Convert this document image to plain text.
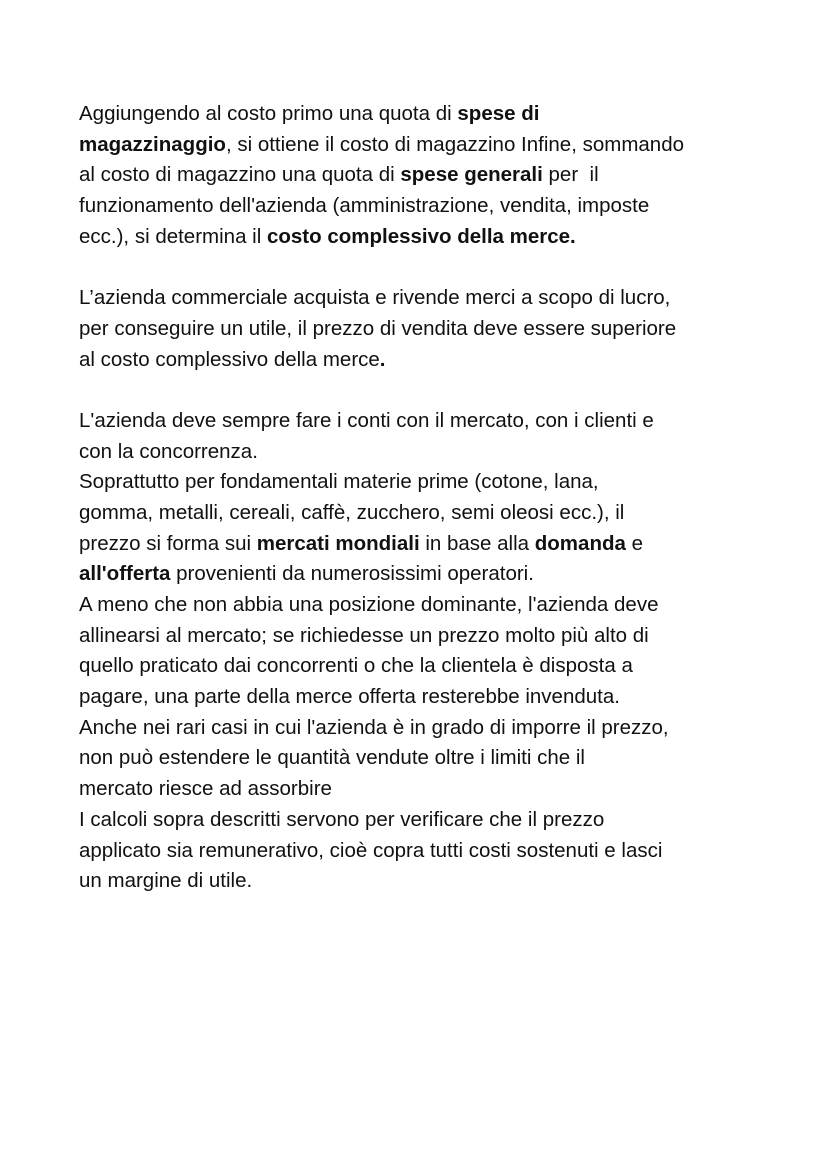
Aggiungendo al costo primo una quota di spese di
magazzinaggio, si ottiene il costo di magazzino Infine, sommando
al costo di magazzino una quota di spese generali per  il
funzionamento dell'azienda (amministrazione, vendita, imposte
ecc.), si determina il costo complessivo della merce.
L’azienda commerciale acquista e rivende merci a scopo di lucro,
per conseguire un utile, il prezzo di vendita deve essere superiore
al costo complessivo della merce.
L'azienda deve sempre fare i conti con il mercato, con i clienti e
con la concorrenza.
Soprattutto per fondamentali materie prime (cotone, lana,
gomma, metalli, cereali, caffè, zucchero, semi oleosi ecc.), il
prezzo si forma sui mercati mondiali in base alla domanda e
all'offerta provenienti da numerosissimi operatori.
A meno che non abbia una posizione dominante, l'azienda deve
allinearsi al mercato; se richiedesse un prezzo molto più alto di
quello praticato dai concorrenti o che la clientela è disposta a
pagare, una parte della merce offerta resterebbe invenduta.
Anche nei rari casi in cui l'azienda è in grado di imporre il prezzo,
non può estendere le quantità vendute oltre i limiti che il
mercato riesce ad assorbire
I calcoli sopra descritti servono per verificare che il prezzo
applicato sia remunerativo, cioè copra tutti costi sostenuti e lasci
un margine di utile.
